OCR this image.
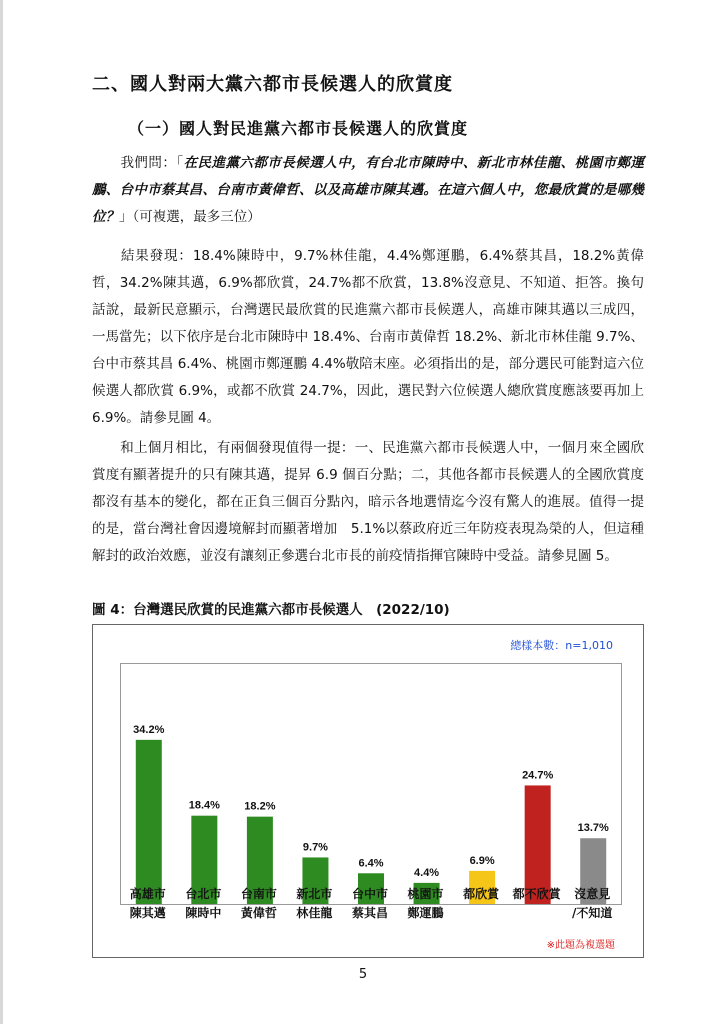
二、國人對兩大黨六都市長候選人的欣賞度
（一）國人對民進黨六都市長候選人的欣賞度
我們問：「在民進黨六都市長候選人中，有台北市陳時中、新北市林佳龍、桃園市鄭運鵬、台中市蔡其昌、台南市黃偉哲、以及高雄市陳其邁。在這六個人中，您最欣賞的是哪幾位？」（可複選，最多三位）
結果發現：18.4%陳時中，9.7%林佳龍，4.4%鄭運鵬，6.4%蔡其昌，18.2%黃偉哲，34.2%陳其邁，6.9%都欣賞，24.7%都不欣賞，13.8%沒意見、不知道、拒答。換句話說，最新民意顯示，台灣選民最欣賞的民進黨六都市長候選人，高雄市陳其邁以三成四，一馬當先；以下依序是台北市陳時中 18.4%、台南市黃偉哲 18.2%、新北市林佳龍 9.7%、台中市蔡其昌 6.4%、桃園市鄭運鵬 4.4%敬陪末座。必須指出的是，部分選民可能對這六位候選人都欣賞 6.9%，或都不欣賞 24.7%，因此，選民對六位候選人總欣賞度應該要再加上 6.9%。請參見圖 4。
和上個月相比，有兩個發現值得一提：一、民進黨六都市長候選人中，一個月來全國欣賞度有顯著提升的只有陳其邁，提昇 6.9 個百分點；二，其他各都市長候選人的全國欣賞度都沒有基本的變化，都在正負三個百分點內，暗示各地選情迄今沒有驚人的進展。值得一提的是，當台灣社會因邊境解封而顯著增加　5.1%以蔡政府近三年防疫表現為榮的人，但這種解封的政治效應，並沒有讓刻正參選台北市長的前疫情指揮官陳時中受益。請參見圖 5。
圖 4：台灣選民欣賞的民進黨六都市長候選人　(2022/10)
總樣本數：n=1,010
34.2%
18.4% 18.2%
9.7%
6.4%
4.4%
6.9%
24.7%
13.7%
※此題為複選題
高雄市
陳其邁
台北市
陳時中
台南市
黃偉哲
新北市
林佳龍
台中市
蔡其昌
桃園市
鄭運鵬
都欣賞	都不欣賞	沒意見
/不知道
5
